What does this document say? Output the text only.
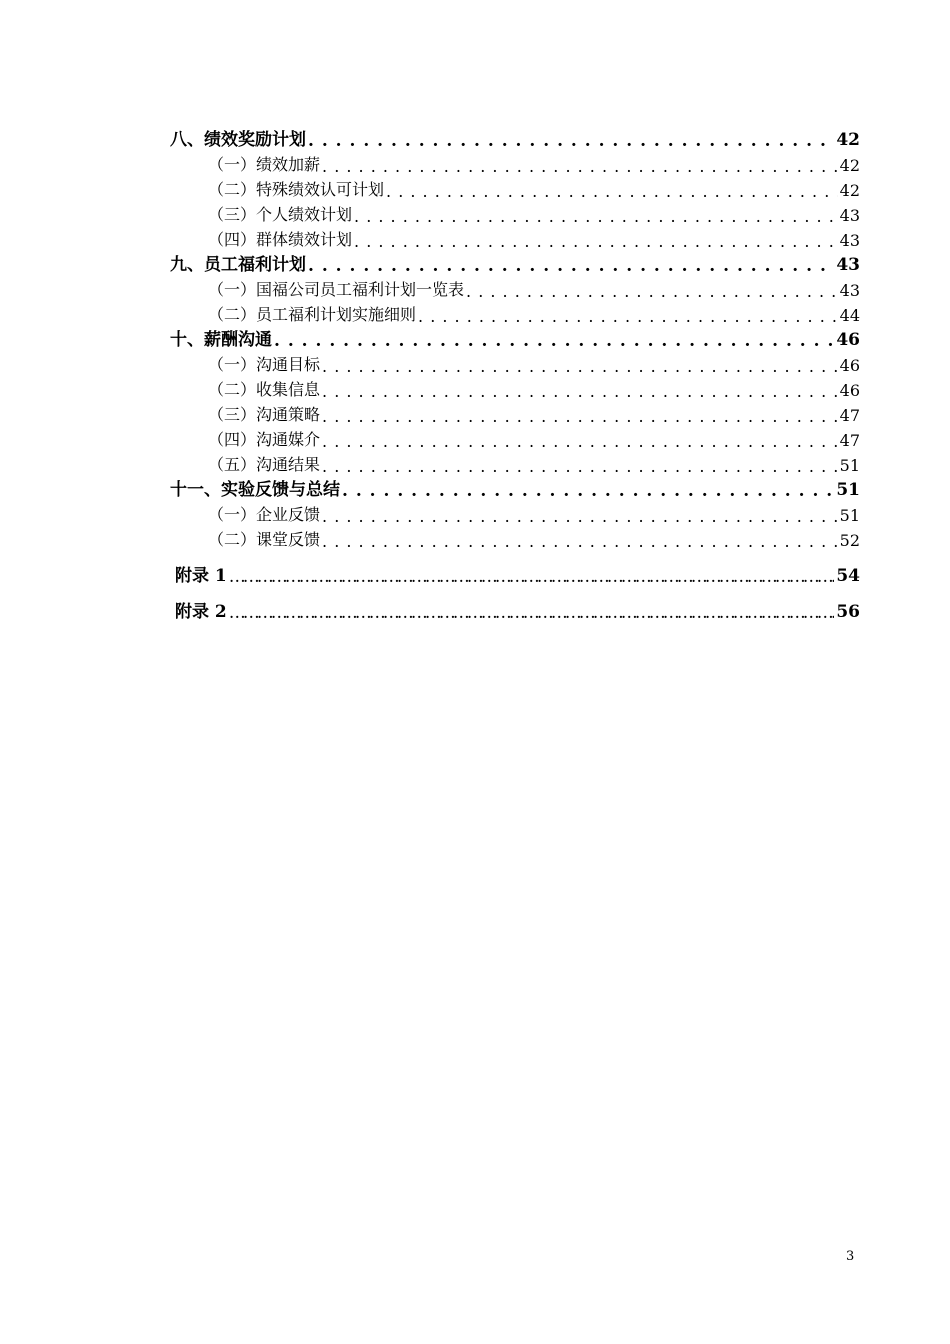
八、绩效奖励计划 . . .	42
（一）绩效加薪 . . .	42
（二）特殊绩效认可计划 . . .	42
（三）个人绩效计划 . . .	43
（四）群体绩效计划 . . .	43
九、员工福利计划 . . .	43
（一）国福公司员工福利计划一览表 . . .	43
（二）员工福利计划实施细则 . . .	44
十、薪酬沟通 . . .	46
（一）沟通目标 . . .	46
（二）收集信息 . . .	46
（三）沟通策略 . . .	47
（四）沟通媒介 . . .	47
（五）沟通结果 . . .	51
十一、实验反馈与总结 . . .	51
（一）企业反馈 . . .	51
（二）课堂反馈 . . .	52
附录 1 …………………………………………………………………………………………………………………………………………………………	54
附录 2 …………………………………………………………………………………………………………………………………………………………	56
3
